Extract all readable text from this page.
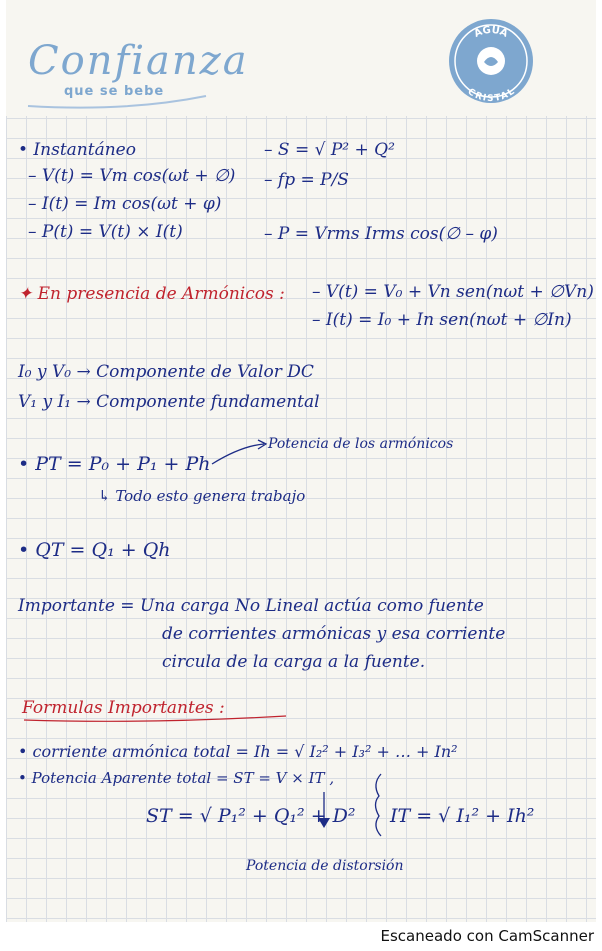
Confianza
que se bebe
AGUA
CRISTAL
• Instantáneo
– V(t) = Vm cos(ωt + ∅)
– I(t) = Im cos(ωt + φ)
– P(t) = V(t) × I(t)
– S = √ P² + Q²
– fp = P/S
– P = Vrms Irms cos(∅ – φ)
✦ En presencia de Armónicos : – V(t) = V₀ + Vn sen(nωt + ∅Vn)
– I(t) = I₀ + In sen(nωt + ∅In)
I₀ y V₀ → Componente de Valor DC
V₁ y I₁ → Componente fundamental
• PT = P₀ + P₁ + Ph
Potencia de los armónicos
↳ Todo esto genera trabajo
• QT = Q₁ + Qh
Importante = Una carga No Lineal actúa como fuente
de corrientes armónicas y esa corriente
circula de la carga a la fuente.
Formulas Importantes :
• corriente armónica total = Ih = √ I₂² + I₃² + … + In²
• Potencia Aparente total = ST = V × IT ,
ST = √ P₁² + Q₁² + D² IT = √ I₁² + Ih²
Potencia de distorsión
Escaneado con CamScanner
